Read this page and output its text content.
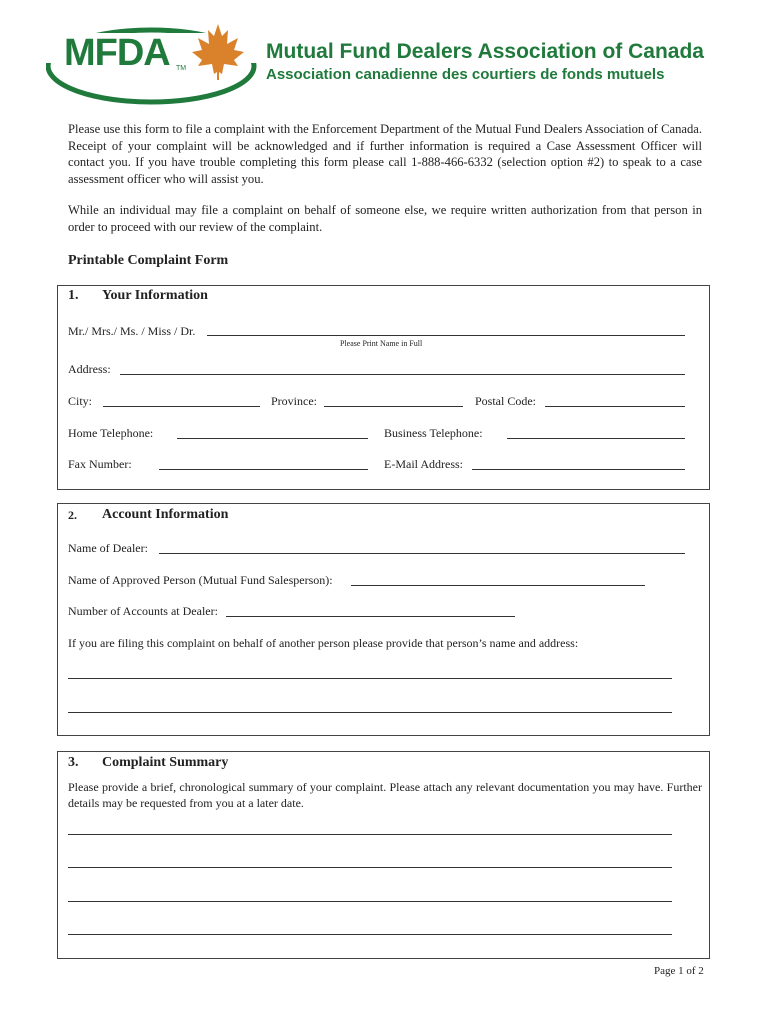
MFDA TM
Mutual Fund Dealers Association of Canada
Association canadienne des courtiers de fonds mutuels
Please use this form to file a complaint with the Enforcement Department of the Mutual Fund Dealers Association of Canada. Receipt of your complaint will be acknowledged and if further information is required a Case Assessment Officer will contact you. If you have trouble completing this form please call 1-888-466-6332 (selection option #2) to speak to a case assessment officer who will assist you.
While an individual may file a complaint on behalf of someone else, we require written authorization from that person in order to proceed with our review of the complaint.
Printable Complaint Form
1. Your Information
Mr./ Mrs./ Ms. / Miss / Dr.
Please Print Name in Full
Address:
City:	Province:	Postal Code:
Home Telephone:	Business Telephone:
Fax Number:	E-Mail Address:
2. Account Information
Name of Dealer:
Name of Approved Person (Mutual Fund Salesperson):
Number of Accounts at Dealer:
If you are filing this complaint on behalf of another person please provide that person’s name and address:
3. Complaint Summary
Please provide a brief, chronological summary of your complaint. Please attach any relevant documentation you may have. Further details may be requested from you at a later date.
Page 1 of 2
